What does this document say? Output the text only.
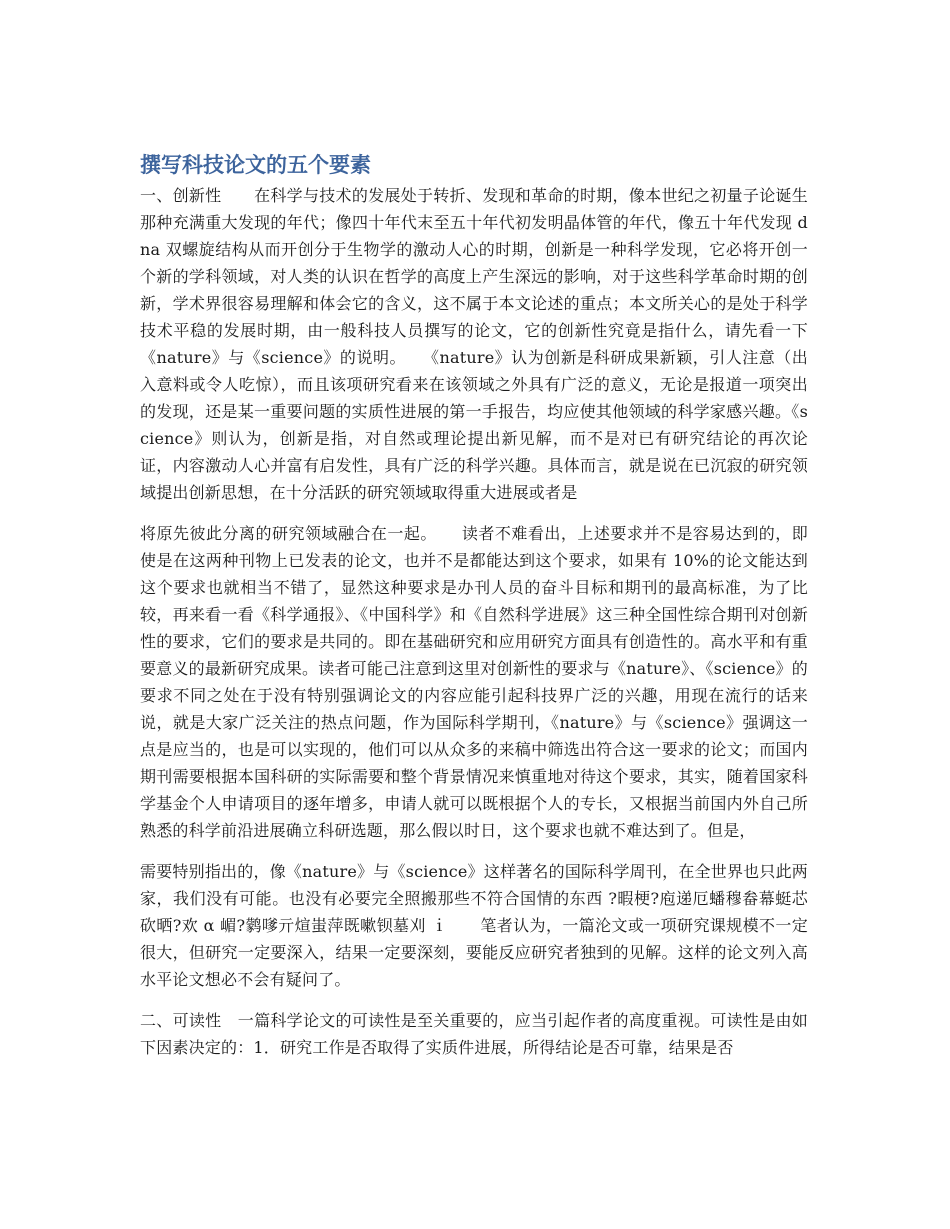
撰写科技论文的五个要素

一、创新性　　在科学与技术的发展处于转折、发现和革命的时期，像本世纪之初量子论诞生那种充满重大发现的年代；像四十年代末至五十年代初发明晶体管的年代，像五十年代发现 dna 双螺旋结构从而开创分于生物学的激动人心的时期，创新是一种科学发现，它必将开创一个新的学科领域，对人类的认识在哲学的高度上产生深远的影响，对于这些科学革命时期的创新，学术界很容易理解和体会它的含义，这不属于本文论述的重点；本文所关心的是处于科学技术平稳的发展时期，由一般科技人员撰写的论文，它的创新性究竟是指什么，请先看一下《nature》与《science》的说明。　　《nature》认为创新是科研成果新颖，引人注意（出入意料或令人吃惊），而且该项研究看来在该领域之外具有广泛的意义，无论是报道一项突出的发现，还是某一重要问题的实质性进展的第一手报告，均应使其他领域的科学家感兴趣。《science》则认为，创新是指，对自然或理论提出新见解，而不是对已有研究结论的再次论证，内容激动人心并富有启发性，具有广泛的科学兴趣。具体而言，就是说在已沉寂的研究领域提出创新思想，在十分活跃的研究领域取得重大进展或者是

将原先彼此分离的研究领域融合在一起。　　读者不难看出，上述要求并不是容易达到的，即使是在这两种刊物上已发表的论文，也并不是都能达到这个要求，如果有 10%的论文能达到这个要求也就相当不错了，显然这种要求是办刊人员的奋斗目标和期刊的最高标准，为了比较，再来看一看《科学通报》、《中国科学》和《自然科学进展》这三种全国性综合期刊对创新性的要求，它们的要求是共同的。即在基础研究和应用研究方面具有创造性的。高水平和有重要意义的最新研究成果。读者可能己注意到这里对创新性的要求与《nature》、《science》的要求不同之处在于没有特别强调论文的内容应能引起科技界广泛的兴趣，用现在流行的话来说，就是大家广泛关注的热点问题，作为国际科学期刊，《nature》与《science》强调这一点是应当的，也是可以实现的，他们可以从众多的来稿中筛选出符合这一要求的论文；而国内期刊需要根据本国科研的实际需要和整个背景情况来慎重地对待这个要求，其实，随着国家科学基金个人申请项目的逐年增多，申请人就可以既根据个人的专长，又根据当前国内外自己所熟悉的科学前沿进展确立科研选题，那么假以时日，这个要求也就不难达到了。但是，

需要特别指出的，像《nature》与《science》这样著名的国际科学周刊，在全世界也只此两家，我们没有可能。也没有必要完全照搬那些不符合国情的东西 ?暇梗?庖递厄蟠穆畚幕蜓芯砍晒?欢 α 嵋?鹲嗲亓煊蚩萍既嗽钡墓刈 ｉ　　笔者认为，一篇沦文或一项研究课规模不一定很大，但研究一定要深入，结果一定要深刻，要能反应研究者独到的见解。这样的论文列入高水平论文想必不会有疑问了。

二、可读性　一篇科学论文的可读性是至关重要的，应当引起作者的高度重视。可读性是由如下因素决定的：1．研究工作是否取得了实质件进展，所得结论是否可靠，结果是否
